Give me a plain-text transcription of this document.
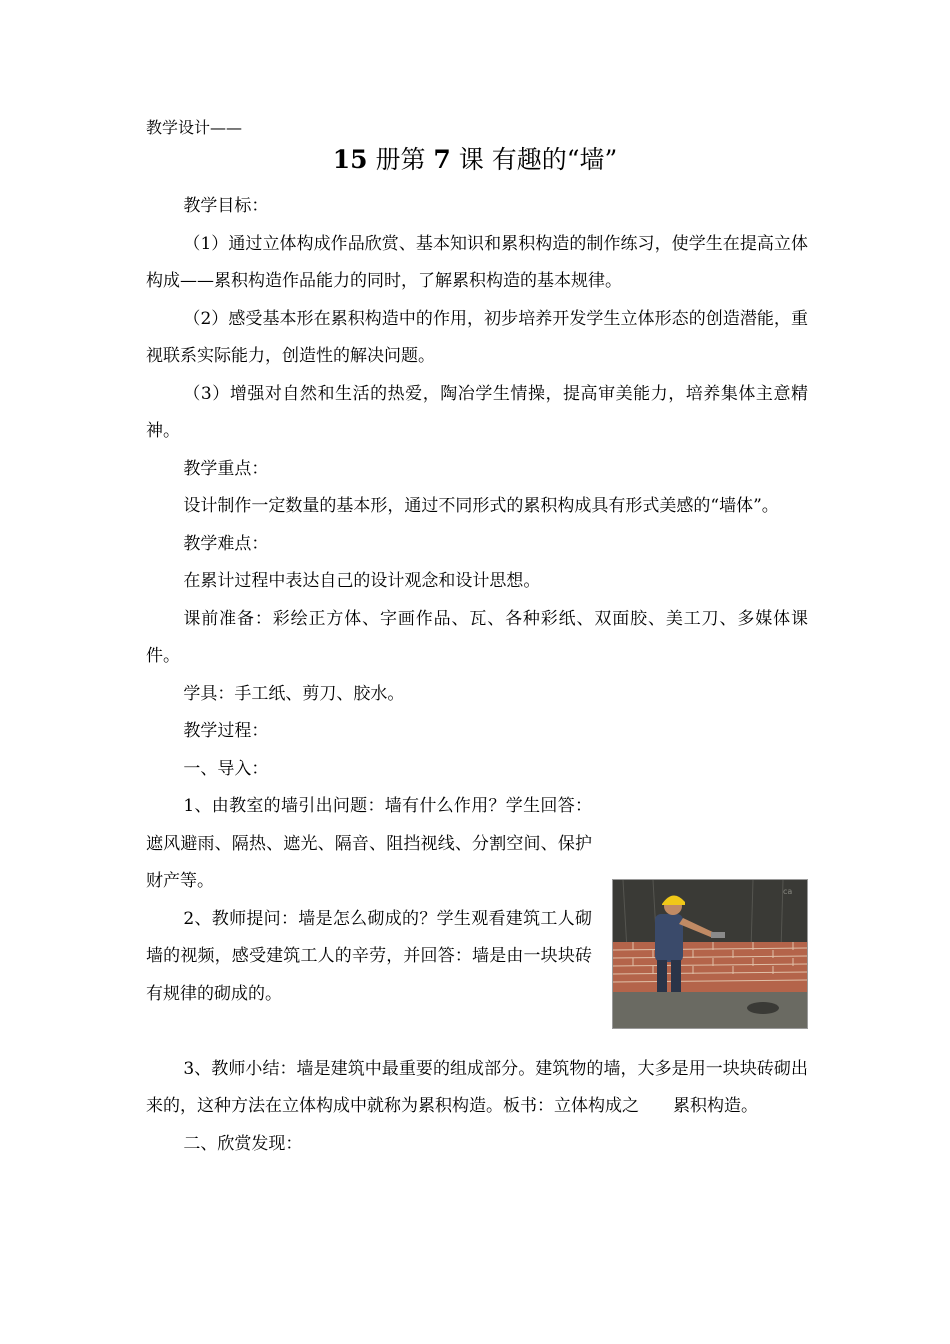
教学设计——
15 册第 7 课 有趣的“墙”

教学目标：

（1）通过立体构成作品欣赏、基本知识和累积构造的制作练习，使学生在提高立体构成——累积构造作品能力的同时，了解累积构造的基本规律。

（2）感受基本形在累积构造中的作用，初步培养开发学生立体形态的创造潜能，重视联系实际能力，创造性的解决问题。

（3）增强对自然和生活的热爱，陶冶学生情操，提高审美能力，培养集体主意精神。

教学重点：

设计制作一定数量的基本形，通过不同形式的累积构成具有形式美感的“墙体”。

教学难点：

在累计过程中表达自己的设计观念和设计思想。

课前准备：彩绘正方体、字画作品、瓦、各种彩纸、双面胶、美工刀、多媒体课件。

学具：手工纸、剪刀、胶水。

教学过程：

一、导入：

1、由教室的墙引出问题：墙有什么作用？学生回答：遮风避雨、隔热、遮光、隔音、阻挡视线、分割空间、保护财产等。

2、教师提问：墙是怎么砌成的？学生观看建筑工人砌墙的视频，感受建筑工人的辛劳，并回答：墙是由一块块砖有规律的砌成的。

ca

3、教师小结：墙是建筑中最重要的组成部分。建筑物的墙，大多是用一块块砖砌出来的，这种方法在立体构成中就称为累积构造。板书：立体构成之　　累积构造。

二、欣赏发现：
